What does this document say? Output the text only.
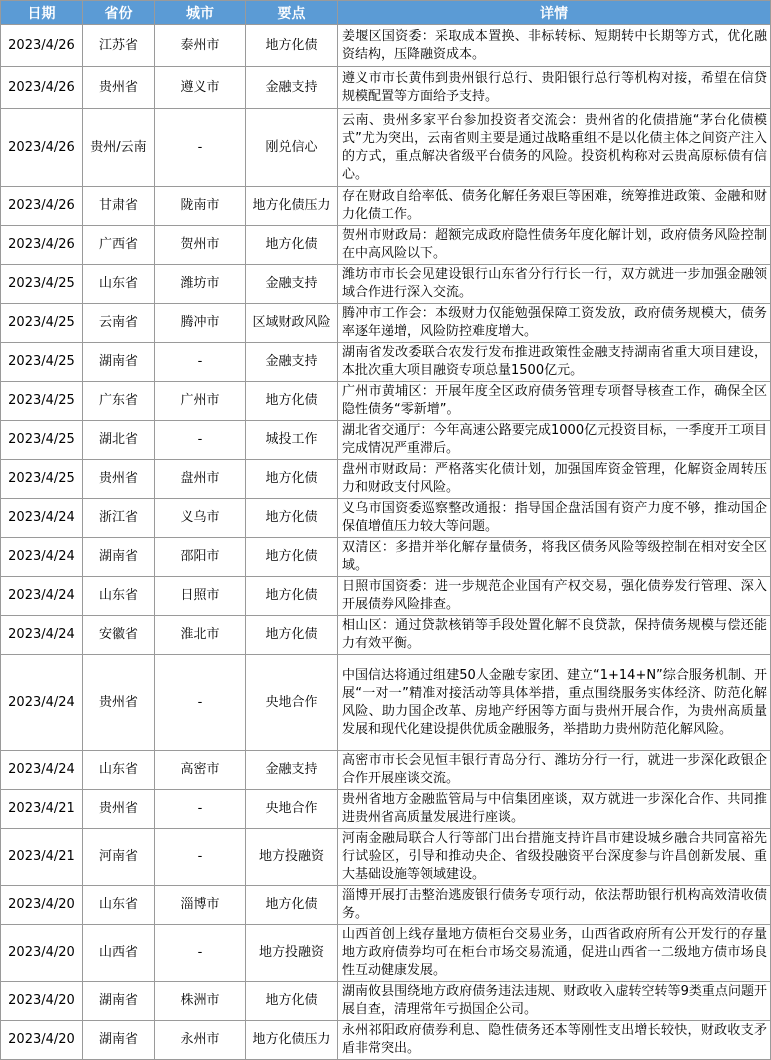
日期	省份	城市	要点	详情
2023/4/26	江苏省	泰州市	地方化债	姜堰区国资委：采取成本置换、非标转标、短期转中长期等方式，优化融资结构，压降融资成本。
2023/4/26	贵州省	遵义市	金融支持	遵义市市长黄伟到贵州银行总行、贵阳银行总行等机构对接，希望在信贷规模配置等方面给予支持。
2023/4/26	贵州/云南	-	刚兑信心	云南、贵州多家平台参加投资者交流会：贵州省的化债措施“茅台化债模式”尤为突出，云南省则主要是通过战略重组不是以化债主体之间资产注入的方式，重点解决省级平台债务的风险。投资机构称对云贵高原标债有信心。
2023/4/26	甘肃省	陇南市	地方化债压力	存在财政自给率低、债务化解任务艰巨等困难，统筹推进政策、金融和财力化债工作。
2023/4/26	广西省	贺州市	地方化债	贺州市财政局：超额完成政府隐性债务年度化解计划，政府债务风险控制在中高风险以下。
2023/4/25	山东省	潍坊市	金融支持	潍坊市市长会见建设银行山东省分行行长一行，双方就进一步加强金融领域合作进行深入交流。
2023/4/25	云南省	腾冲市	区域财政风险	腾冲市工作会：本级财力仅能勉强保障工资发放，政府债务规模大，债务率逐年递增，风险防控难度增大。
2023/4/25	湖南省	-	金融支持	湖南省发改委联合农发行发布推进政策性金融支持湖南省重大项目建设，本批次重大项目融资专项总量1500亿元。
2023/4/25	广东省	广州市	地方化债	广州市黄埔区：开展年度全区政府债务管理专项督导核查工作，确保全区隐性债务“零新增”。
2023/4/25	湖北省	-	城投工作	湖北省交通厅：今年高速公路要完成1000亿元投资目标，一季度开工项目完成情况严重滞后。
2023/4/25	贵州省	盘州市	地方化债	盘州市财政局：严格落实化债计划，加强国库资金管理，化解资金周转压力和财政支付风险。
2023/4/24	浙江省	义乌市	地方化债	义乌市国资委巡察整改通报：指导国企盘活国有资产力度不够，推动国企保值增值压力较大等问题。
2023/4/24	湖南省	邵阳市	地方化债	双清区：多措并举化解存量债务，将我区债务风险等级控制在相对安全区域。
2023/4/24	山东省	日照市	地方化债	日照市国资委：进一步规范企业国有产权交易，强化债券发行管理、深入开展债券风险排查。
2023/4/24	安徽省	淮北市	地方化债	相山区：通过贷款核销等手段处置化解不良贷款，保持债务规模与偿还能力有效平衡。
2023/4/24	贵州省	-	央地合作	中国信达将通过组建50人金融专家团、建立“1+14+N”综合服务机制、开展“一对一”精准对接活动等具体举措，重点围绕服务实体经济、防范化解风险、助力国企改革、房地产纾困等方面与贵州开展合作，为贵州高质量发展和现代化建设提供优质金融服务，举措助力贵州防范化解风险。
2023/4/24	山东省	高密市	金融支持	高密市市长会见恒丰银行青岛分行、潍坊分行一行，就进一步深化政银企合作开展座谈交流。
2023/4/21	贵州省	-	央地合作	贵州省地方金融监管局与中信集团座谈，双方就进一步深化合作、共同推进贵州省高质量发展进行座谈。
2023/4/21	河南省	-	地方投融资	河南金融局联合人行等部门出台措施支持许昌市建设城乡融合共同富裕先行试验区，引导和推动央企、省级投融资平台深度参与许昌创新发展、重大基础设施等领域建设。
2023/4/20	山东省	淄博市	地方化债	淄博开展打击整治逃废银行债务专项行动，依法帮助银行机构高效清收债务。
2023/4/20	山西省	-	地方投融资	山西首创上线存量地方债柜台交易业务，山西省政府所有公开发行的存量地方政府债券均可在柜台市场交易流通，促进山西省一二级地方债市场良性互动健康发展。
2023/4/20	湖南省	株洲市	地方化债	湖南攸县围绕地方政府债务违法违规、财政收入虚转空转等9类重点问题开展自查，清理常年亏损国企公司。
2023/4/20	湖南省	永州市	地方化债压力	永州祁阳政府债券利息、隐性债务还本等刚性支出增长较快，财政收支矛盾非常突出。
